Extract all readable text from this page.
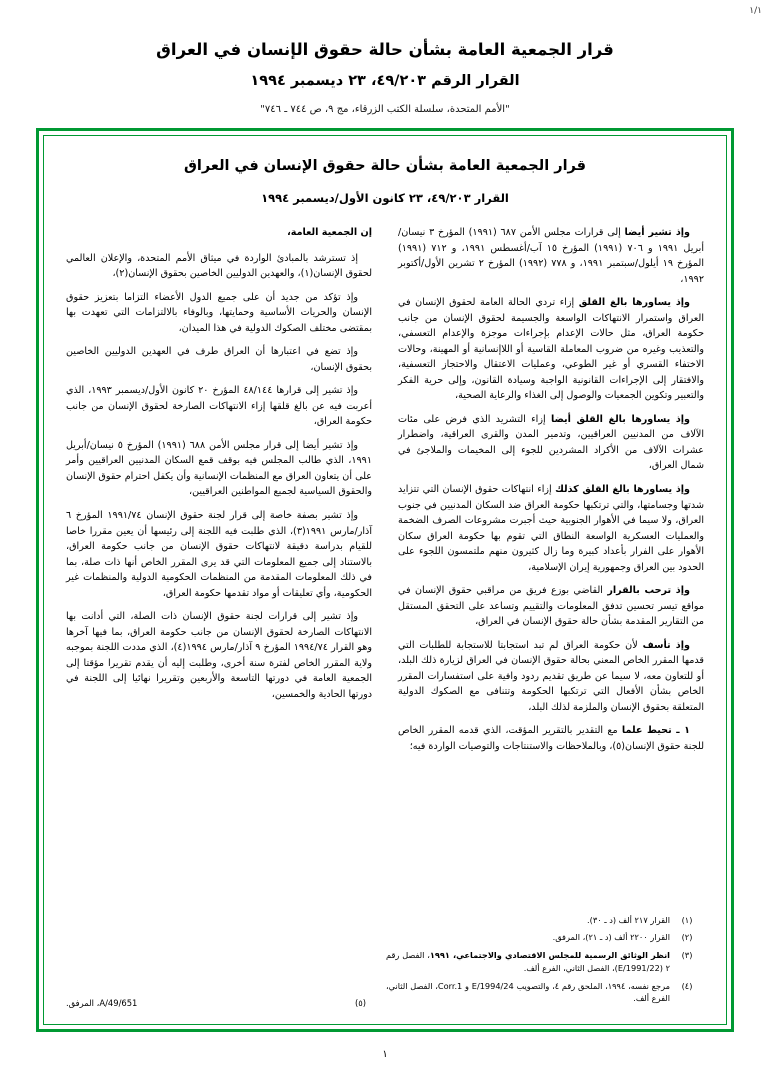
١/١
قرار الجمعية العامة بشأن حالة حقوق الإنسان في العراق
القرار الرقم ٤٩/٢٠٣، ٢٣ ديسمبر ١٩٩٤
"الأمم المتحدة، سلسلة الكتب الزرقاء، مج ٩، ص ٧٤٤ ـ ٧٤٦"
قرار الجمعية العامة بشأن حالة حقوق الإنسان في العراق
القرار ٤٩/٢٠٣، ٢٣ كانون الأول/ديسمبر ١٩٩٤

وإذ تشير أيضا إلى قرارات مجلس الأمن ٦٨٧ (١٩٩١) المؤرخ ٣ نيسان/أبريل ١٩٩١ و ٧٠٦ (١٩٩١) المؤرخ ١٥ آب/أغسطس ١٩٩١، و ٧١٢ (١٩٩١) المؤرخ ١٩ أيلول/سبتمبر ١٩٩١، و ٧٧٨ (١٩٩٢) المؤرخ ٢ تشرين الأول/أكتوبر ١٩٩٢،

وإذ يساورها بالغ القلق إزاء تردي الحالة العامة لحقوق الإنسان في العراق واستمرار الانتهاكات الواسعة والجسيمة لحقوق الإنسان من جانب حكومة العراق، مثل حالات الإعدام بإجراءات موجزة والإعدام التعسفي، والتعذيب وغيره من ضروب المعاملة القاسية أو اللاإنسانية أو المهينة، وحالات الاختفاء القسري أو غير الطوعي، وعمليات الاعتقال والاحتجاز التعسفية، والافتقار إلى الإجراءات القانونية الواجبة وسيادة القانون، وإلى حرية الفكر والتعبير وتكوين الجمعيات والوصول إلى الغذاء والرعاية الصحية،

وإذ يساورها بالغ القلق أيضا إزاء التشريد الذي فرض على مئات الآلاف من المدنيين العراقيين، وتدمير المدن والقرى العراقية، واضطرار عشرات الآلاف من الأكراد المشردين للجوء إلى المخيمات والملاجئ في شمال العراق،

وإذ يساورها بالغ القلق كذلك إزاء انتهاكات حقوق الإنسان التي تتزايد شدتها وجسامتها، والتي ترتكبها حكومة العراق ضد السكان المدنيين في جنوب العراق، ولا سيما في الأهوار الجنوبية حيث أجبرت مشروعات الصرف الضخمة والعمليات العسكرية الواسعة النطاق التي تقوم بها حكومة العراق سكان الأهوار على الفرار بأعداد كبيرة وما زال كثيرون منهم ملتمسون اللجوء على الحدود بين العراق وجمهورية إيران الإسلامية،

وإذ ترحب بالقرار القاضي بوزع فريق من مراقبي حقوق الإنسان في مواقع تيسر تحسين تدفق المعلومات والتقييم وتساعد على التحقق المستقل من التقارير المقدمة بشأن حالة حقوق الإنسان في العراق،

وإذ تأسف لأن حكومة العراق لم تبد استجابتا للاستجابة للطلبات التي قدمها المقرر الخاص المعني بحالة حقوق الإنسان في العراق لزيارة ذلك البلد، أو للتعاون معه، لا سيما عن طريق تقديم ردود وافية على استفسارات المقرر الخاص بشأن الأفعال التي ترتكبها الحكومة وتتنافى مع الصكوك الدولية المتعلقة بحقوق الإنسان والملزمة لذلك البلد،

١ ـ تحيط علما مع التقدير بالتقرير المؤقت، الذي قدمه المقرر الخاص للجنة حقوق الإنسان(٥)، وبالملاحظات والاستنتاجات والتوصيات الواردة فيه؛

إن الجمعية العامة،

إذ تسترشد بالمبادئ الواردة في ميثاق الأمم المتحدة، والإعلان العالمي لحقوق الإنسان(١)، والعهدين الدوليين الخاصين بحقوق الإنسان(٢)،

وإذ تؤكد من جديد أن على جميع الدول الأعضاء التزاما بتعزيز حقوق الإنسان والحريات الأساسية وحمايتها، وبالوفاء بالالتزامات التي تعهدت بها بمقتضى مختلف الصكوك الدولية في هذا الميدان،

وإذ تضع في اعتبارها أن العراق طرف في العهدين الدوليين الخاصين بحقوق الإنسان،

وإذ تشير إلى قرارها ٤٨/١٤٤ المؤرخ ٢٠ كانون الأول/ديسمبر ١٩٩٣، الذي أعربت فيه عن بالغ قلقها إزاء الانتهاكات الصارخة لحقوق الإنسان من جانب حكومة العراق،

وإذ تشير أيضا إلى قرار مجلس الأمن ٦٨٨ (١٩٩١) المؤرخ ٥ نيسان/أبريل ١٩٩١، الذي طالب المجلس فيه بوقف قمع السكان المدنيين العراقيين وأمر على أن يتعاون العراق مع المنظمات الإنسانية وأن يكفل احترام حقوق الإنسان والحقوق السياسية لجميع المواطنين العراقيين،

وإذ تشير بصفة خاصة إلى قرار لجنة حقوق الإنسان ١٩٩١/٧٤ المؤرخ ٦ آذار/مارس ١٩٩١(٣)، الذي طلبت فيه اللجنة إلى رئيسها أن يعين مقررا خاصا للقيام بدراسة دقيقة لانتهاكات حقوق الإنسان من جانب حكومة العراق، بالاستناد إلى جميع المعلومات التي قد يرى المقرر الخاص أنها ذات صلة، بما في ذلك المعلومات المقدمة من المنظمات الحكومية الدولية والمنظمات غير الحكومية، وأي تعليقات أو مواد تقدمها حكومة العراق،

وإذ تشير إلى قرارات لجنة حقوق الإنسان ذات الصلة، التي أدانت بها الانتهاكات الصارخة لحقوق الإنسان من جانب حكومة العراق، بما فيها آخرها وهو القرار ١٩٩٤/٧٤ المؤرخ ٩ آذار/مارس ١٩٩٤(٤)، الذي مددت اللجنة بموجبه ولاية المقرر الخاص لفترة سنة أخرى، وطلبت إليه أن يقدم تقريرا مؤقتا إلى الجمعية العامة في دورتها التاسعة والأربعين وتقريرا نهائيا إلى اللجنة في دورتها الحادية والخمسين،

(١)
القرار ٢١٧ ألف (د ـ ٣٠).
(٢)
القرار ٢٢٠٠ ألف (د ـ ٢١)، المرفق.
(٣)
انظر الوثائق الرسمية للمجلس الاقتصادي والاجتماعي، ١٩٩١، الفصل رقم ٢ (E/1991/22)، الفصل الثاني، الفرع ألف.
(٤)
مرجع نفسه، ١٩٩٤، الملحق رقم ٤، والتصويب E/1994/24 و Corr.1، الفصل الثاني، الفرع ألف.
(٥)
A/49/651، المرفق.
١
